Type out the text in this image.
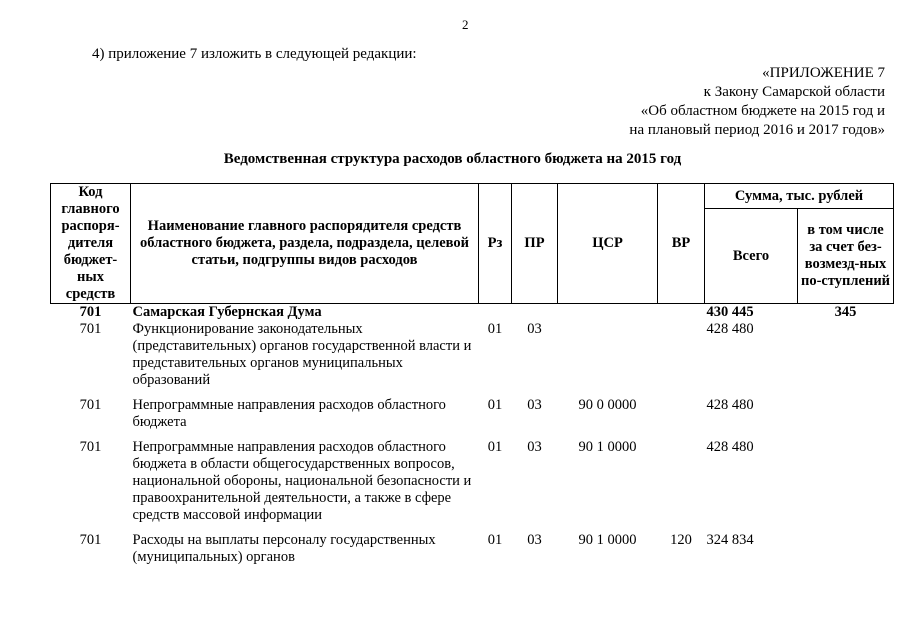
2
4) приложение 7 изложить в следующей редакции:
«ПРИЛОЖЕНИЕ 7
к Закону Самарской области
«Об областном бюджете на 2015 год и
на плановый период 2016 и 2017 годов»
Ведомственная структура расходов областного бюджета на 2015 год
Код главного распоря-дителя бюджет-ных средств	Наименование главного распорядителя средств областного бюджета, раздела, подраздела, целевой статьи, подгруппы видов расходов	Рз	ПР	ЦСР	ВР	Сумма, тыс. рублей	
						Всего	в том числе за счет без-возмезд-ных по-ступлений
701	Самарская Губернская Дума					430 445	345
701	Функционирование законодательных (представительных) органов государственной власти и представительных органов муниципальных образований	01	03			428 480	
701	Непрограммные направления расходов областного бюджета	01	03	90 0 0000		428 480	
701	Непрограммные направления расходов областного бюджета в области общегосударственных вопросов, национальной обороны, национальной безопасности и правоохранительной деятельности, а также в сфере средств массовой информации	01	03	90 1 0000		428 480	
701	Расходы на выплаты персоналу государственных (муниципальных) органов	01	03	90 1 0000	120	324 834	
